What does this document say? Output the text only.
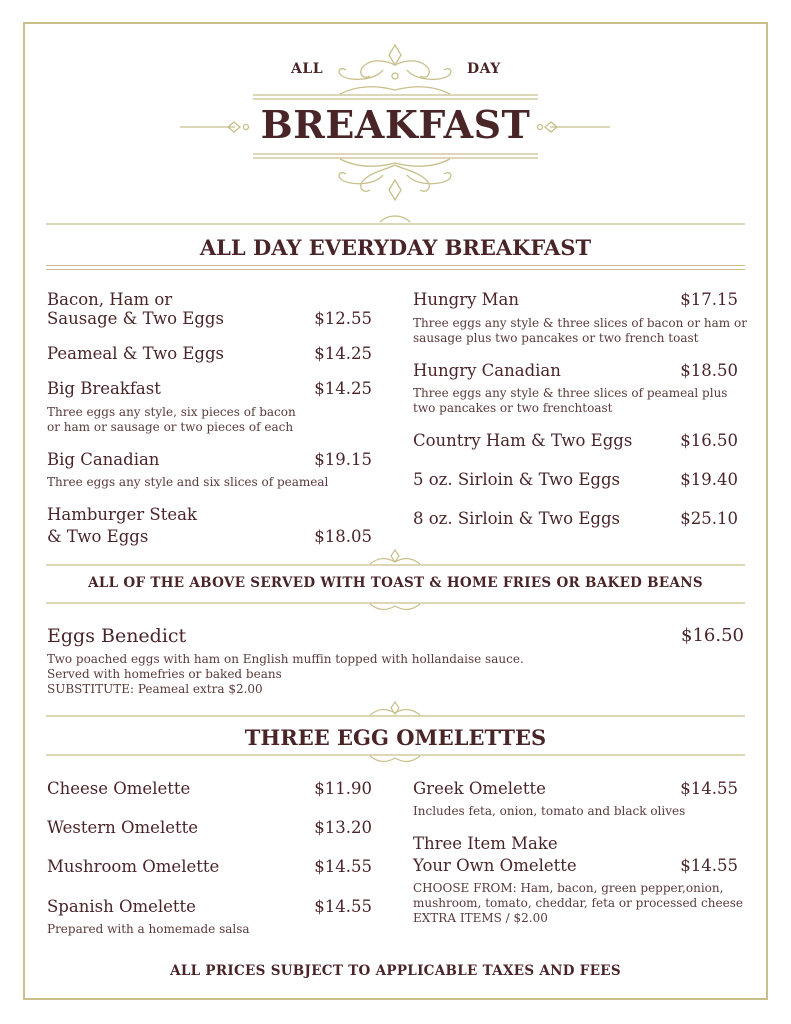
ALL	DAY
BREAKFAST
ALL DAY EVERYDAY BREAKFAST
Bacon, Ham or
Sausage & Two Eggs	$12.55
Peameal & Two Eggs	$14.25
Big Breakfast	$14.25
Three eggs any style, six pieces of bacon
or ham or sausage or two pieces of each
Big Canadian	$19.15
Three eggs any style and six slices of peameal
Hamburger Steak
& Two Eggs	$18.05
Hungry Man	$17.15
Three eggs any style & three slices of bacon or ham or
sausage plus two pancakes or two french toast
Hungry Canadian	$18.50
Three eggs any style & three slices of peameal plus
two pancakes or two frenchtoast
Country Ham & Two Eggs	$16.50
5 oz. Sirloin & Two Eggs	$19.40
8 oz. Sirloin & Two Eggs	$25.10
ALL OF THE ABOVE SERVED WITH TOAST & HOME FRIES OR BAKED BEANS
Eggs Benedict	$16.50
Two poached eggs with ham on English muffin topped with hollandaise sauce.
Served with homefries or baked beans
SUBSTITUTE: Peameal extra $2.00
THREE EGG OMELETTES
Cheese Omelette	$11.90
Western Omelette	$13.20
Mushroom Omelette	$14.55
Spanish Omelette	$14.55
Prepared with a homemade salsa
Greek Omelette	$14.55
Includes feta, onion, tomato and black olives
Three Item Make
Your Own Omelette	$14.55
CHOOSE FROM: Ham, bacon, green pepper,onion,
mushroom, tomato, cheddar, feta or processed cheese
EXTRA ITEMS / $2.00
ALL PRICES SUBJECT TO APPLICABLE TAXES AND FEES
